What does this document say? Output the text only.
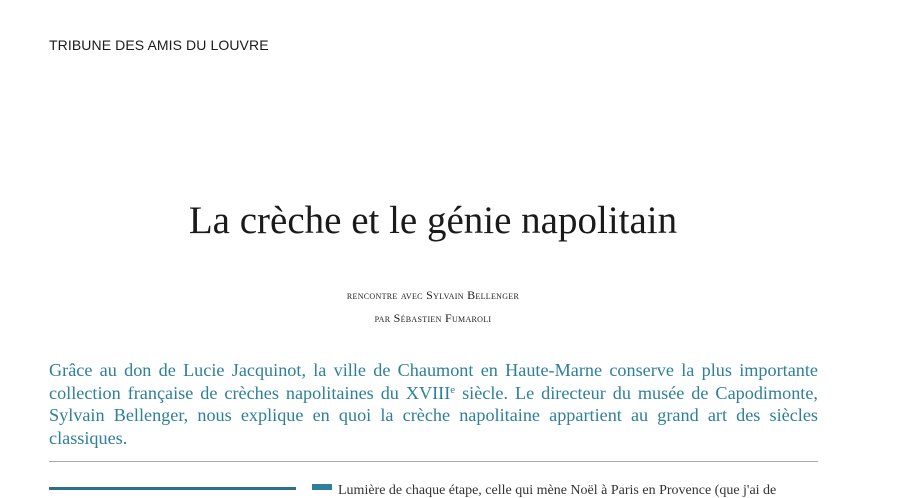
TRIBUNE DES AMIS DU LOUVRE
La crèche et le génie napolitain
rencontre avec Sylvain Bellenger
par Sébastien Fumaroli

Grâce au don de Lucie Jacquinot, la ville de Chaumont en Haute-Marne conserve la plus importante collection française de crèches napolitaines du XVIIIe siècle. Le directeur du musée de Capodimonte, Sylvain Bellenger, nous explique en quoi la crèche napolitaine appartient au grand art des siècles classiques.

Lumière de chaque étape, celle qui mène Noël à Paris en Provence (que j'ai de
